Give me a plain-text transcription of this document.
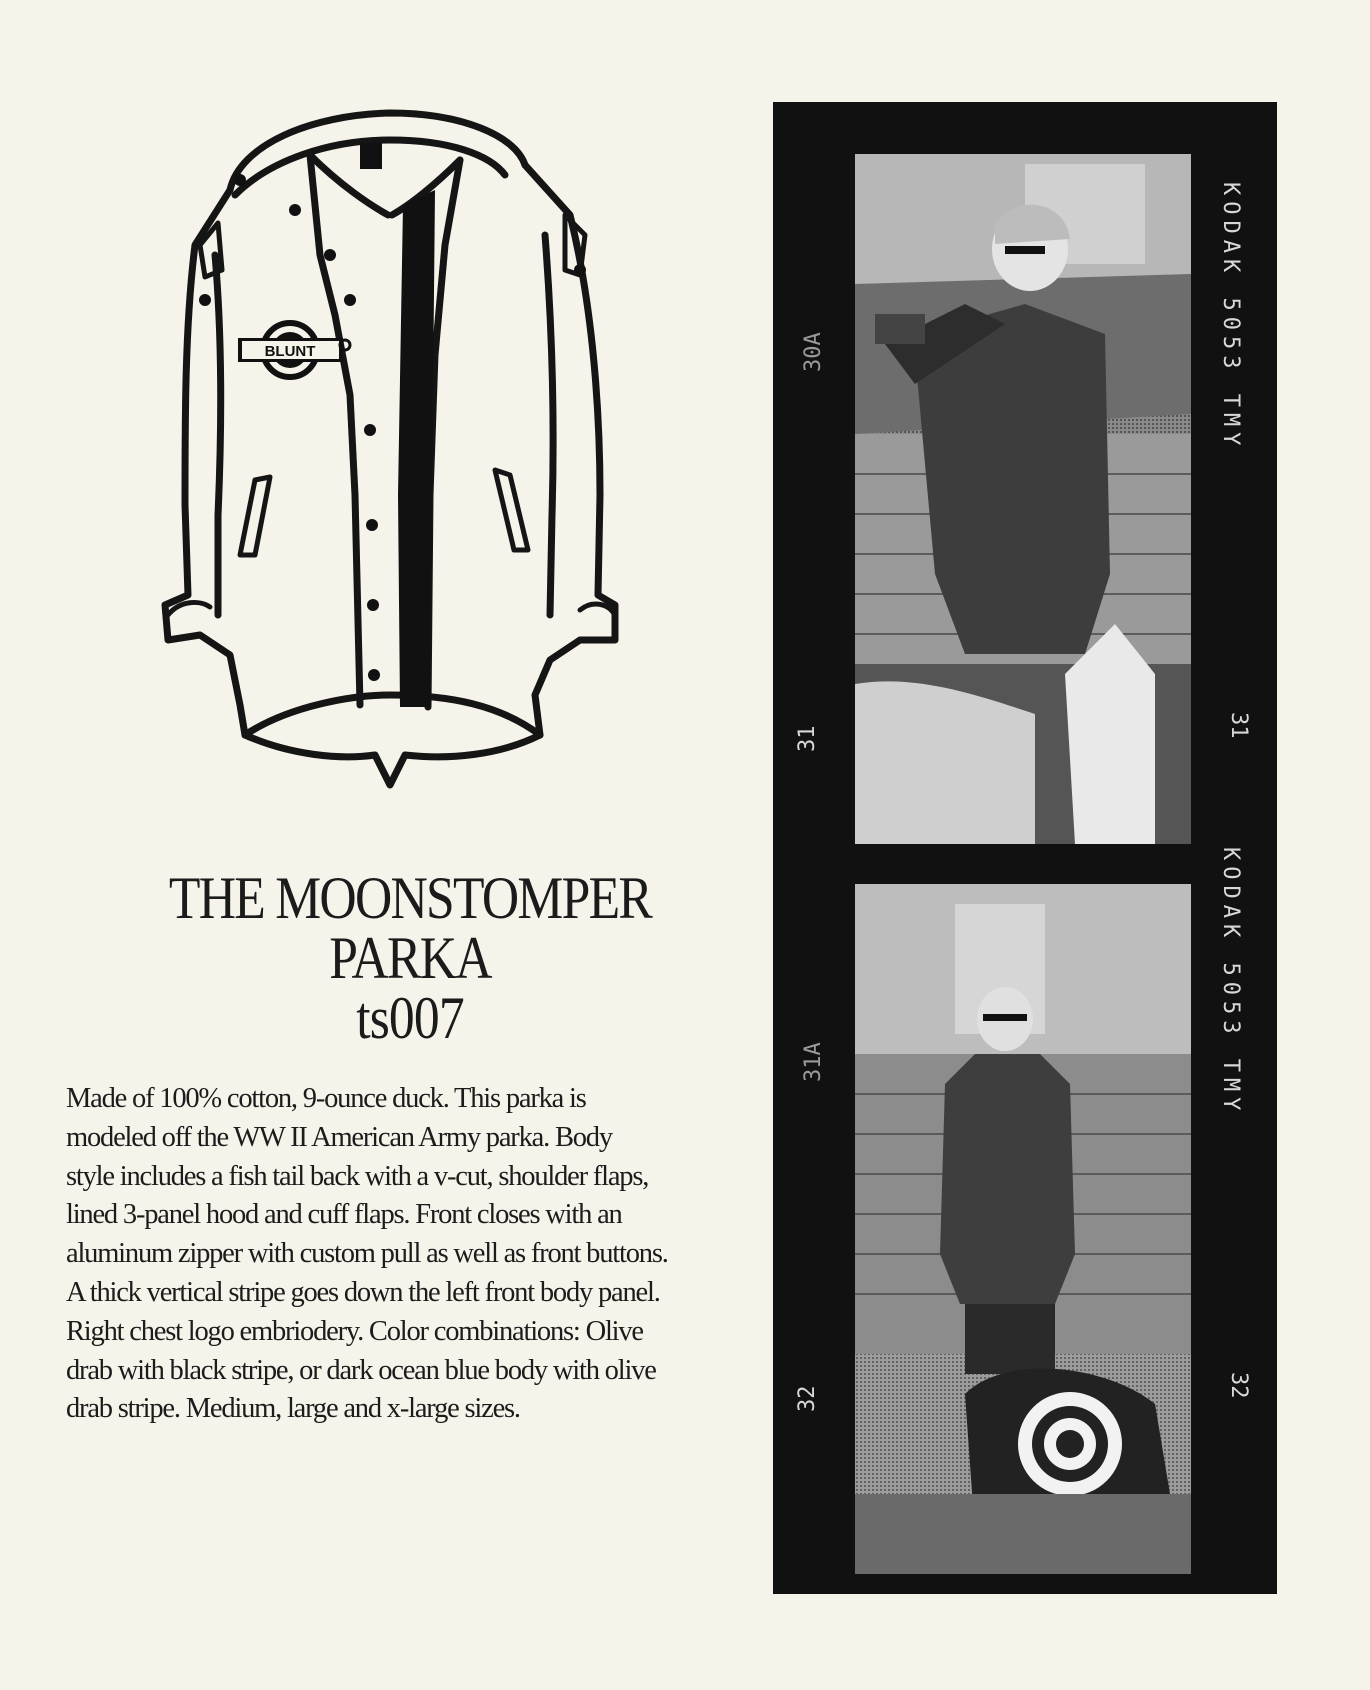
BLUNT
THE MOONSTOMPER
PARKA
ts007
Made of 100% cotton, 9-ounce duck. This parka is
modeled off the WW II American Army parka. Body
style includes a fish tail back with a v-cut, shoulder flaps,
lined 3-panel hood and cuff flaps. Front closes with an
aluminum zipper with custom pull as well as front buttons.
A thick vertical stripe goes down the left front body panel.
Right chest logo embriodery. Color combinations: Olive
drab with black stripe, or dark ocean blue body with olive
drab stripe. Medium, large and x-large sizes.
KODAK 5053 TMY
KODAK 5053 TMY
30A
31A
31
31
32
32
